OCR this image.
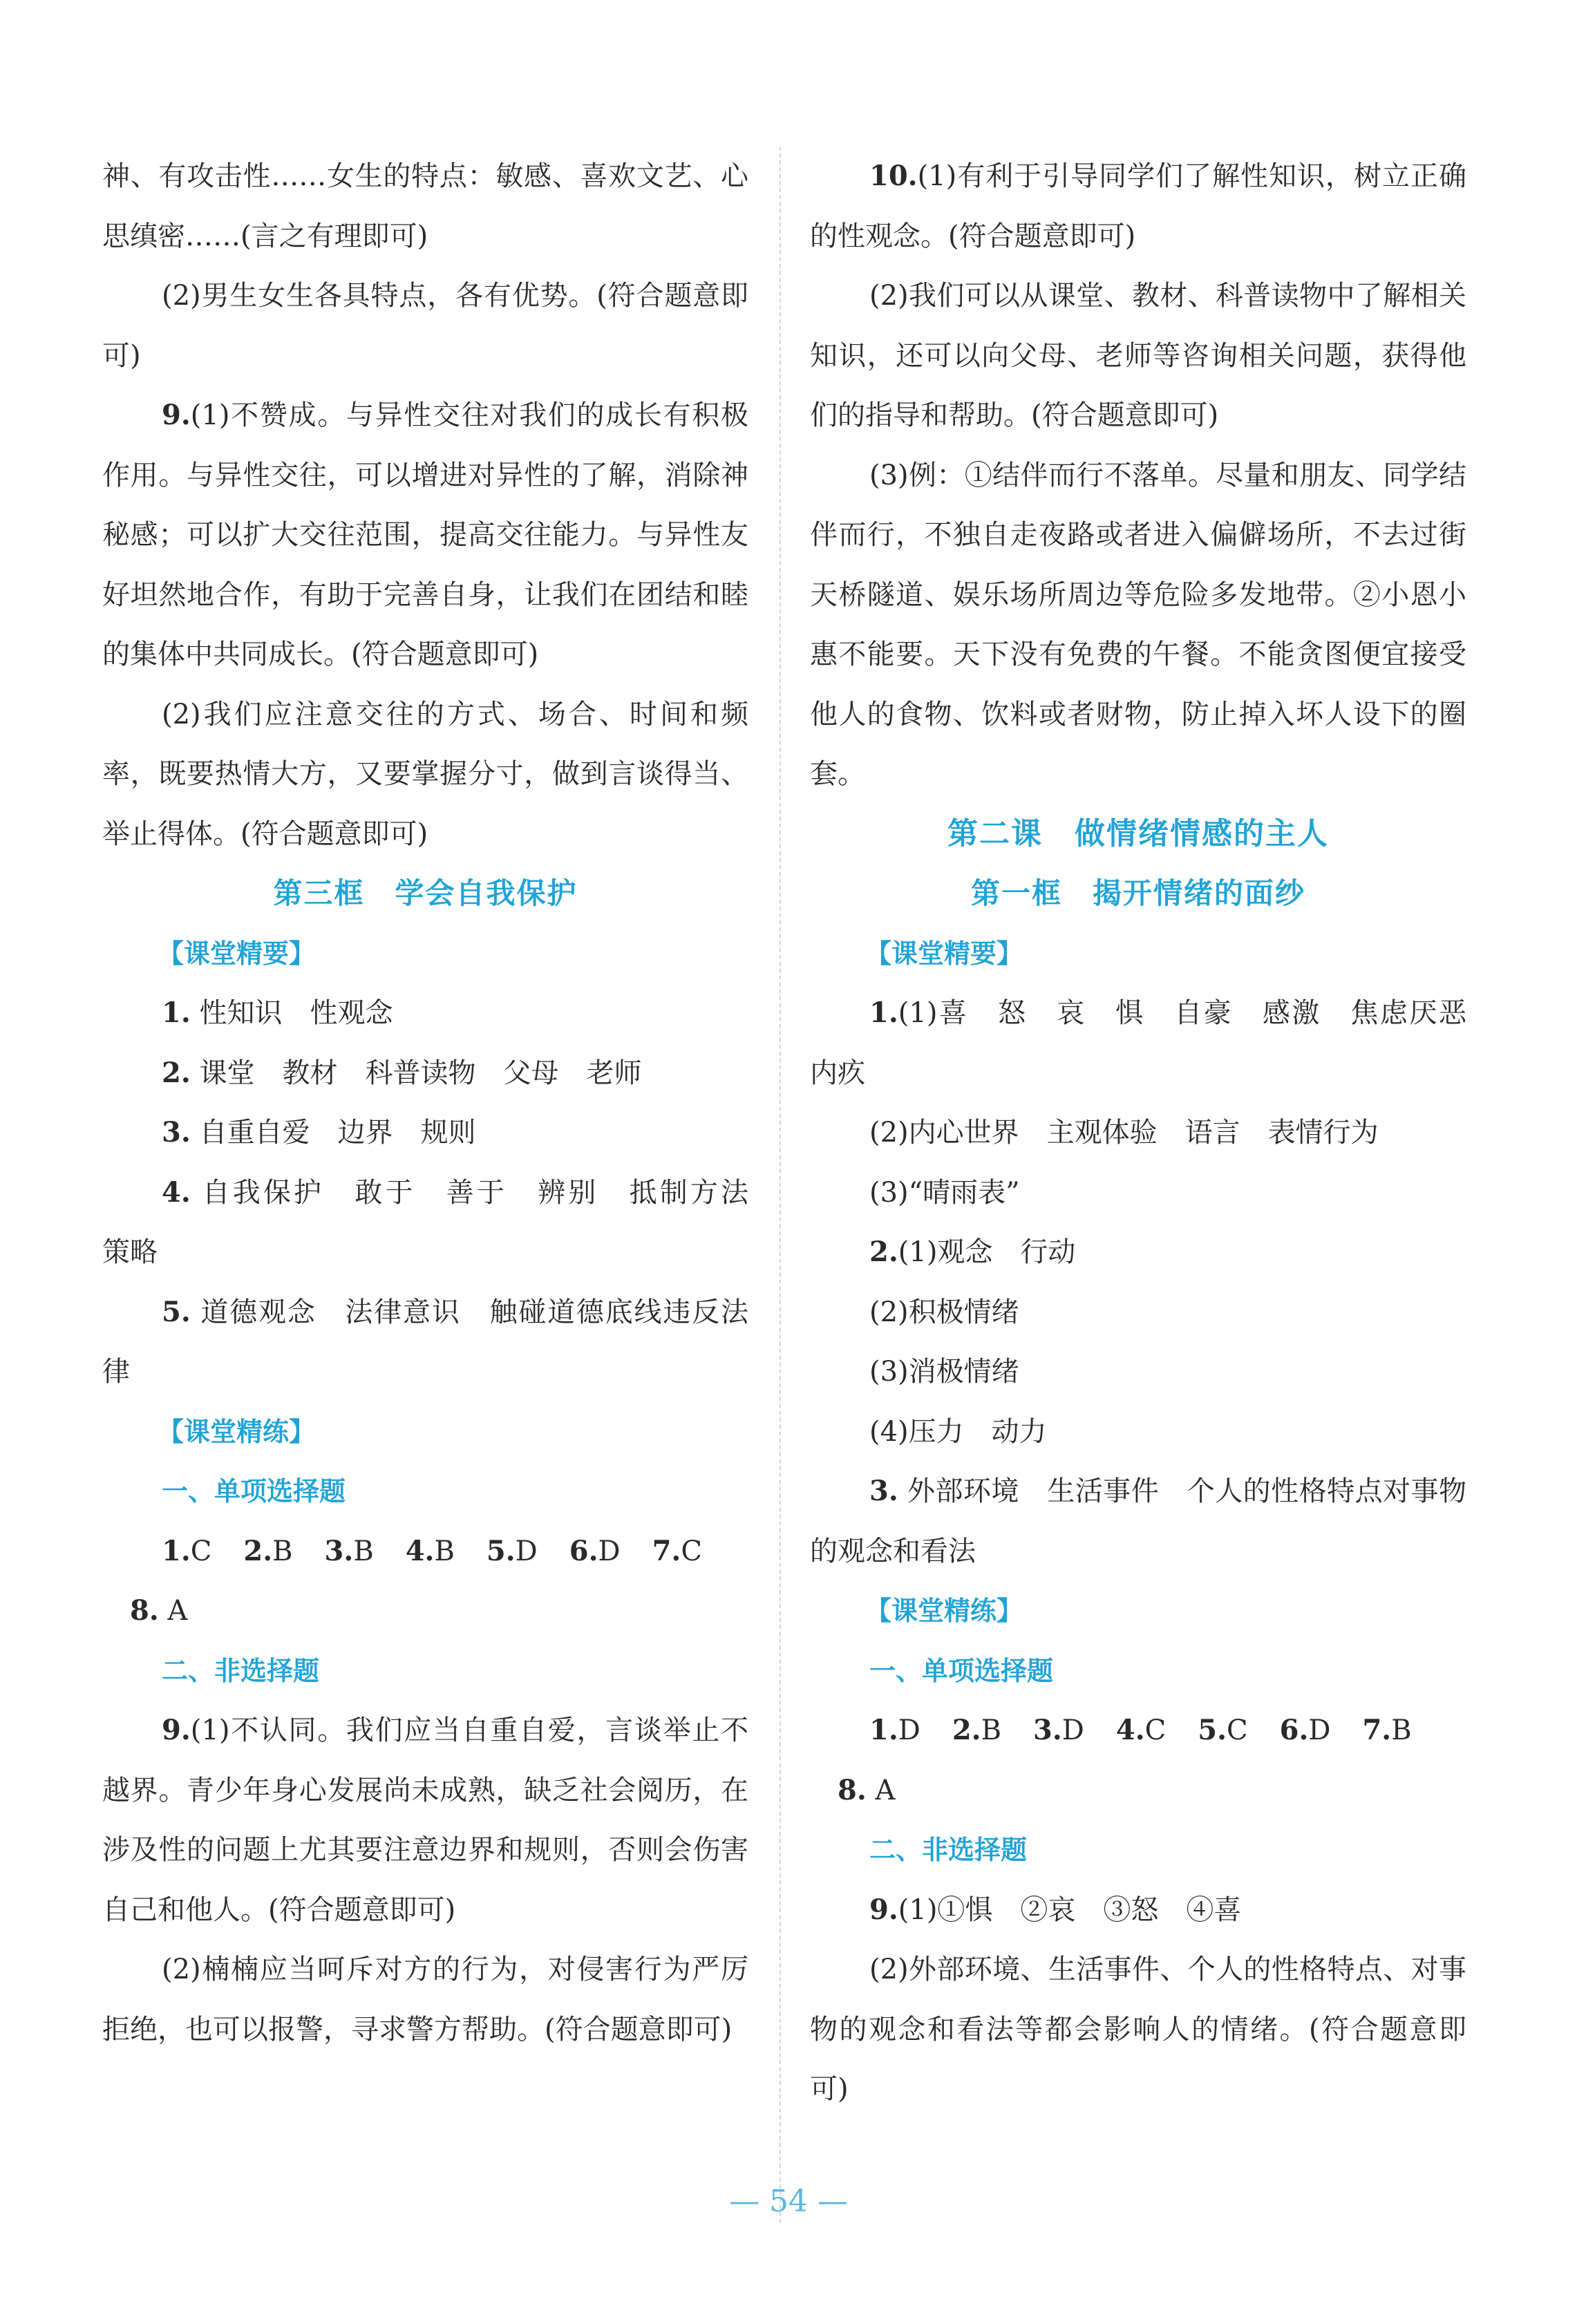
神、有攻击性……女生的特点：敏感、喜欢文艺、心思缜密……(言之有理即可)

(2)男生女生各具特点，各有优势。(符合题意即可)

9.(1)不赞成。与异性交往对我们的成长有积极作用。与异性交往，可以增进对异性的了解，消除神秘感；可以扩大交往范围，提高交往能力。与异性友好坦然地合作，有助于完善自身，让我们在团结和睦的集体中共同成长。(符合题意即可)

(2)我们应注意交往的方式、场合、时间和频率，既要热情大方，又要掌握分寸，做到言谈得当、举止得体。(符合题意即可)

第三框　学会自我保护

【课堂精要】

1. 性知识　性观念

2. 课堂　教材　科普读物　父母　老师

3. 自重自爱　边界　规则

4. 自我保护　敢于　善于　辨别　抵制方法　策略

5. 道德观念　法律意识　触碰道德底线违反法律

【课堂精练】

一、单项选择题

1.C 2.B 3.B 4.B 5.D 6.D 7.C

8. A

二、非选择题

9.(1)不认同。我们应当自重自爱，言谈举止不越界。青少年身心发展尚未成熟，缺乏社会阅历，在涉及性的问题上尤其要注意边界和规则，否则会伤害自己和他人。(符合题意即可)

(2)楠楠应当呵斥对方的行为，对侵害行为严厉拒绝，也可以报警，寻求警方帮助。(符合题意即可)

10.(1)有利于引导同学们了解性知识，树立正确的性观念。(符合题意即可)

(2)我们可以从课堂、教材、科普读物中了解相关知识，还可以向父母、老师等咨询相关问题，获得他们的指导和帮助。(符合题意即可)

(3)例：①结伴而行不落单。尽量和朋友、同学结伴而行，不独自走夜路或者进入偏僻场所，不去过街天桥隧道、娱乐场所周边等危险多发地带。②小恩小惠不能要。天下没有免费的午餐。不能贪图便宜接受他人的食物、饮料或者财物，防止掉入坏人设下的圈套。

第二课　做情绪情感的主人

第一框　揭开情绪的面纱

【课堂精要】

1.(1)喜　怒　哀　惧　自豪　感激　焦虑厌恶　内疚

(2)内心世界　主观体验　语言　表情行为

(3)“晴雨表”

2.(1)观念　行动

(2)积极情绪

(3)消极情绪

(4)压力　动力

3. 外部环境　生活事件　个人的性格特点对事物的观念和看法

【课堂精练】

一、单项选择题

1.D 2.B 3.D 4.C 5.C 6.D 7.B

8. A

二、非选择题

9.(1)①惧　②哀　③怒　④喜

(2)外部环境、生活事件、个人的性格特点、对事物的观念和看法等都会影响人的情绪。(符合题意即可)

— 54 —
